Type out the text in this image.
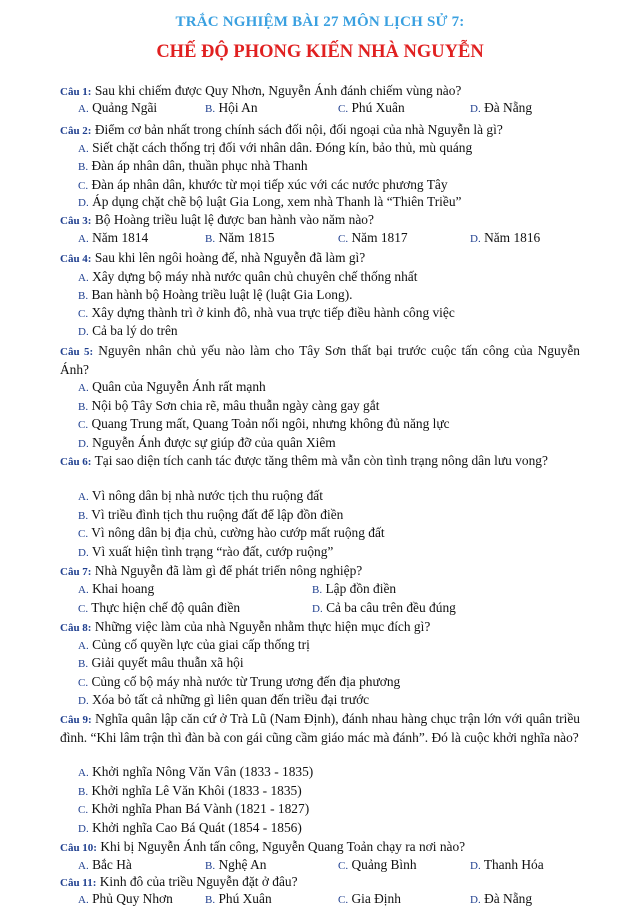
TRẮC NGHIỆM BÀI 27 MÔN LỊCH SỬ 7:
CHẾ ĐỘ PHONG KIẾN NHÀ NGUYỄN
Câu 1: Sau khi chiếm được Quy Nhơn, Nguyễn Ánh đánh chiếm vùng nào?
A. Quảng Ngãi	B. Hội An	C. Phú Xuân	D. Đà Nẵng
Câu 2: Điểm cơ bản nhất trong chính sách đối nội, đối ngoại của nhà Nguyễn là gì?
A. Siết chặt cách thống trị đối với nhân dân. Đóng kín, bảo thủ, mù quáng
B. Đàn áp nhân dân, thuần phục nhà Thanh
C. Đàn áp nhân dân, khước từ mọi tiếp xúc với các nước phương Tây
D. Áp dụng chặt chẽ bộ luật Gia Long, xem nhà Thanh là “Thiên Triều”
Câu 3: Bộ Hoàng triều luật lệ được ban hành vào năm nào?
A. Năm 1814	B. Năm 1815	C. Năm 1817	D. Năm 1816
Câu 4: Sau khi lên ngôi hoàng đế, nhà Nguyễn đã làm gì?
A. Xây dựng bộ máy nhà nước quân chủ chuyên chế thống nhất
B. Ban hành bộ Hoàng triều luật lệ (luật Gia Long).
C. Xây dựng thành trì ở kinh đô, nhà vua trực tiếp điều hành công việc
D. Cả ba lý do trên
Câu 5: Nguyên nhân chủ yếu nào làm cho Tây Sơn thất bại trước cuộc tấn công của Nguyễn Ánh?
A. Quân của Nguyễn Ánh rất mạnh
B. Nội bộ Tây Sơn chia rẽ, mâu thuẫn ngày càng gay gắt
C. Quang Trung mất, Quang Toản nối ngôi, nhưng không đủ năng lực
D. Nguyễn Ánh được sự giúp đỡ của quân Xiêm
Câu 6: Tại sao diện tích canh tác được tăng thêm mà vẫn còn tình trạng nông dân lưu vong?
A. Vì nông dân bị nhà nước tịch thu ruộng đất
B. Vì triều đình tịch thu ruộng đất để lập đồn điền
C. Vì nông dân bị địa chủ, cường hào cướp mất ruộng đất
D. Vì xuất hiện tình trạng “rào đất, cướp ruộng”
Câu 7: Nhà Nguyễn đã làm gì để phát triển nông nghiệp?
A. Khai hoang	B. Lập đồn điền
C. Thực hiện chế độ quân điền	D. Cả ba câu trên đều đúng
Câu 8: Những việc làm của nhà Nguyễn nhằm thực hiện mục đích gì?
A. Củng cố quyền lực của giai cấp thống trị
B. Giải quyết mâu thuẫn xã hội
C. Củng cố bộ máy nhà nước từ Trung ương đến địa phương
D. Xóa bỏ tất cả những gì liên quan đến triều đại trước
Câu 9: Nghĩa quân lập căn cứ ở Trà Lũ (Nam Định), đánh nhau hàng chục trận lớn với quân triều đình. “Khi lâm trận thì đàn bà con gái cũng cầm giáo mác mà đánh”. Đó là cuộc khởi nghĩa nào?
A. Khởi nghĩa Nông Văn Vân (1833 - 1835)
B. Khởi nghĩa Lê Văn Khôi (1833 - 1835)
C. Khởi nghĩa Phan Bá Vành (1821 - 1827)
D. Khởi nghĩa Cao Bá Quát (1854 - 1856)
Câu 10: Khi bị Nguyễn Ánh tấn công, Nguyễn Quang Toản chạy ra nơi nào?
A. Bắc Hà	B. Nghệ An	C. Quảng Bình	D. Thanh Hóa
Câu 11: Kinh đô của triều Nguyễn đặt ở đâu?
A. Phủ Quy Nhơn	B. Phú Xuân	C. Gia Định	D. Đà Nẵng
